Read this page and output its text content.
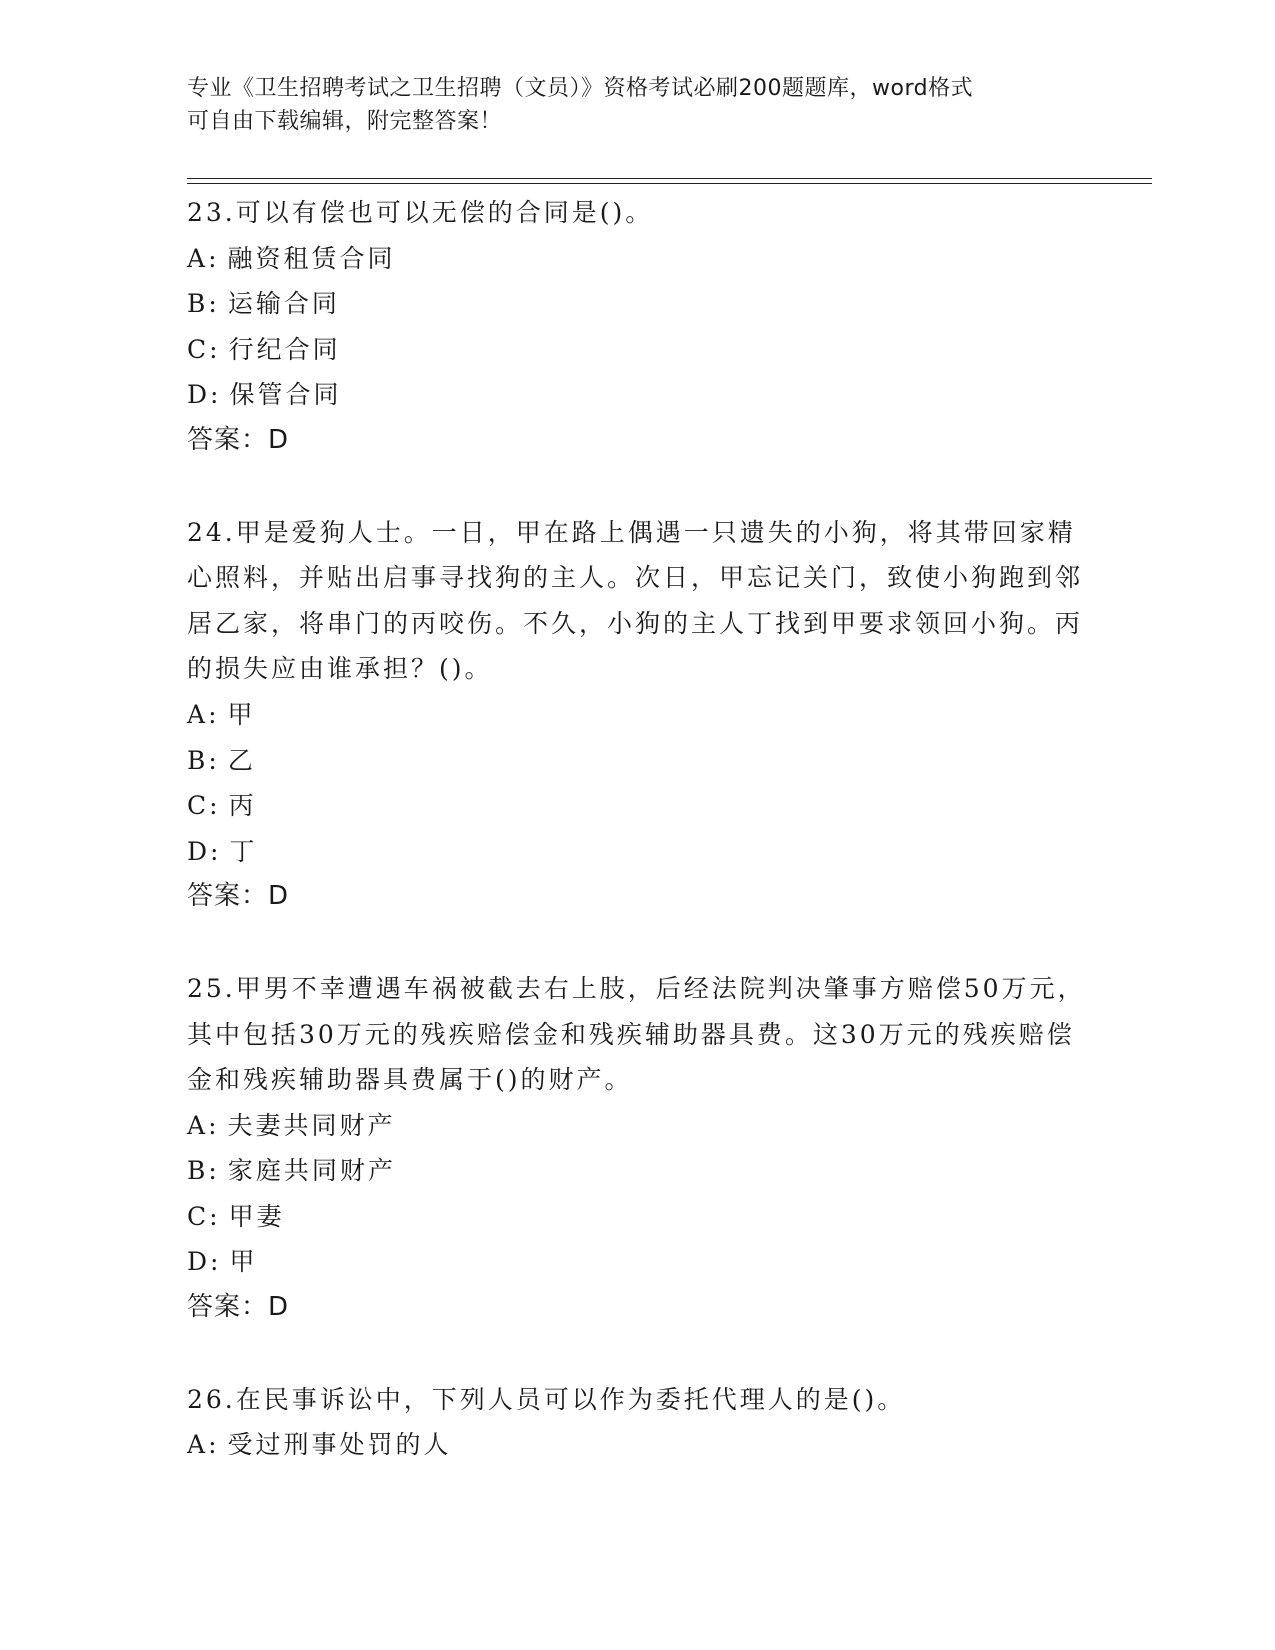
专业《卫生招聘考试之卫生招聘（文员）》资格考试必刷200题题库，word格式
可自由下载编辑，附完整答案！

23.可以有偿也可以无偿的合同是()。

A: 融资租赁合同

B: 运输合同

C: 行纪合同

D: 保管合同

答案：D

24.甲是爱狗人士。一日，甲在路上偶遇一只遗失的小狗，将其带回家精心照料，并贴出启事寻找狗的主人。次日，甲忘记关门，致使小狗跑到邻居乙家，将串门的丙咬伤。不久，小狗的主人丁找到甲要求领回小狗。丙的损失应由谁承担？()。

A: 甲

B: 乙

C: 丙

D: 丁

答案：D

25.甲男不幸遭遇车祸被截去右上肢，后经法院判决肇事方赔偿50万元，其中包括30万元的残疾赔偿金和残疾辅助器具费。这30万元的残疾赔偿金和残疾辅助器具费属于()的财产。

A: 夫妻共同财产

B: 家庭共同财产

C: 甲妻

D: 甲

答案：D

26.在民事诉讼中，下列人员可以作为委托代理人的是()。

A: 受过刑事处罚的人
